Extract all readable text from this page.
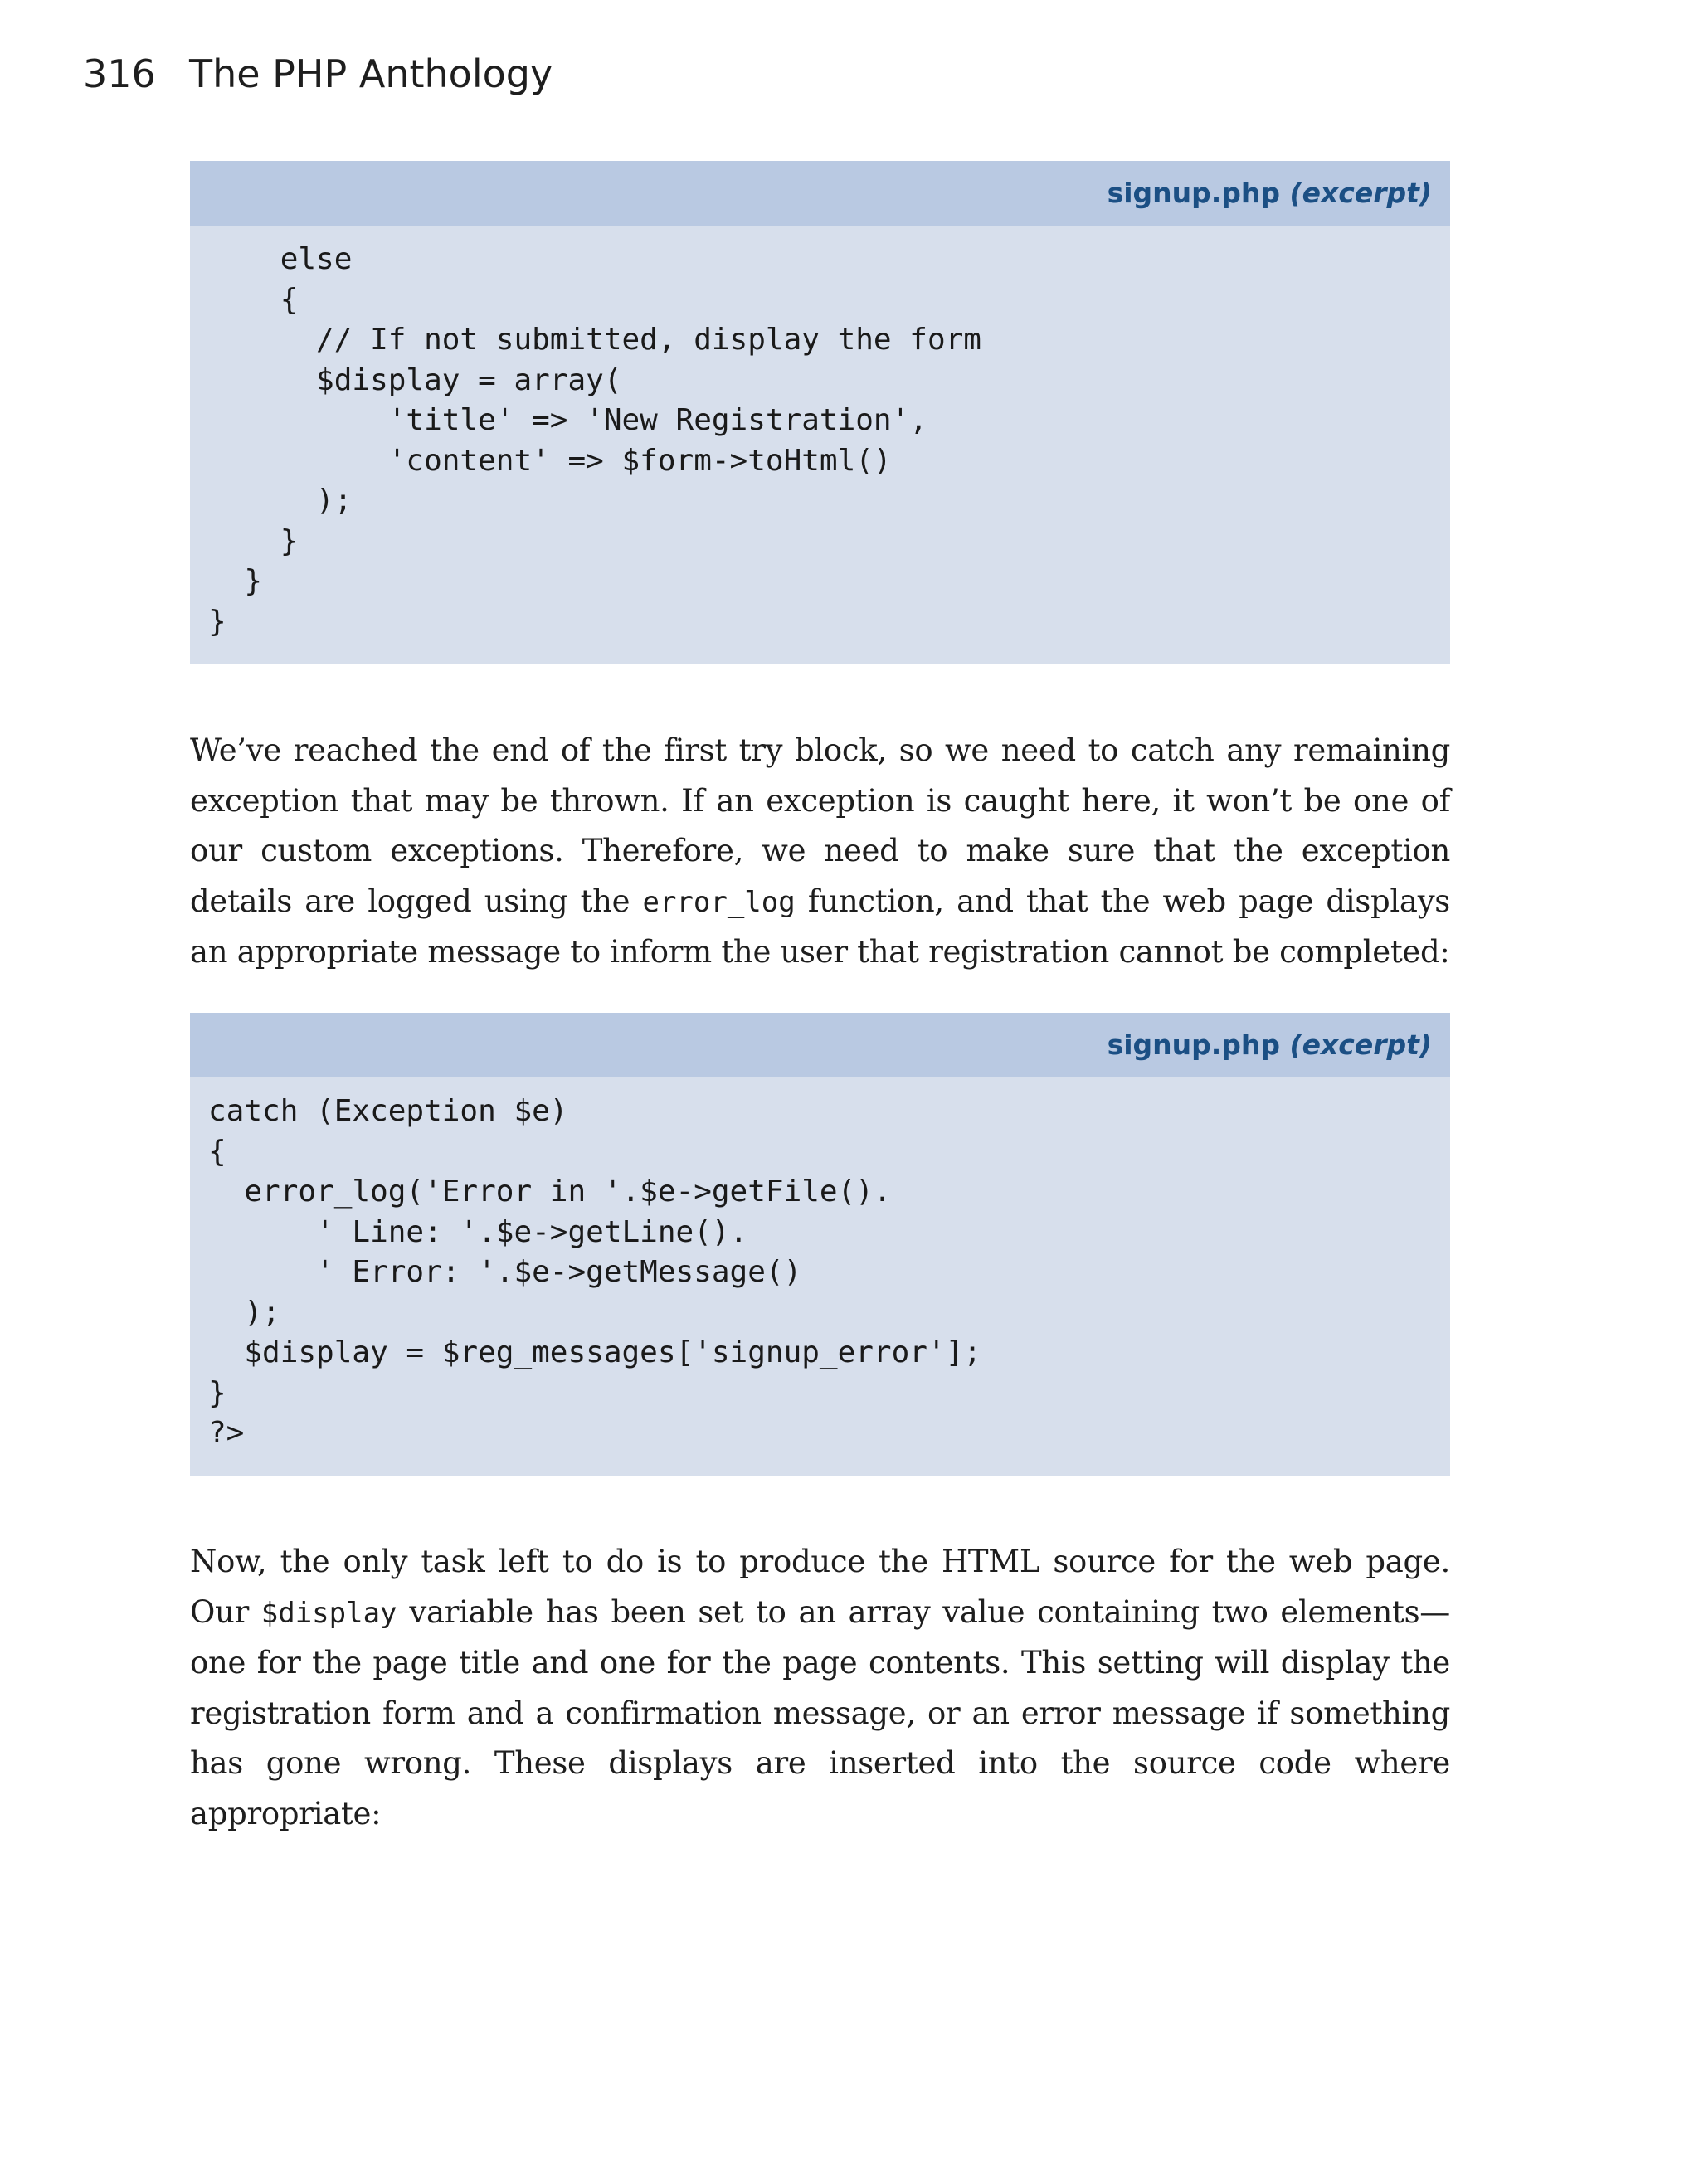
316 The PHP Anthology
signup.php (excerpt)
else
{
// If not submitted, display the form
$display = array(
'title' => 'New Registration',
'content' => $form->toHtml()
);
}
}
}

We’ve reached the end of the first try block, so we need to catch any remaining exception that may be thrown. If an exception is caught here, it won’t be one of our custom exceptions. Therefore, we need to make sure that the exception details are logged using the error_log function, and that the web page displays an appropriate message to inform the user that registration cannot be completed:

signup.php (excerpt)
catch (Exception $e)
{
error_log('Error in '.$e->getFile().
' Line: '.$e->getLine().
' Error: '.$e->getMessage()
);
$display = $reg_messages['signup_error'];
}
?>

Now, the only task left to do is to produce the HTML source for the web page. Our $display variable has been set to an array value containing two elements—one for the page title and one for the page contents. This setting will display the registration form and a confirmation message, or an error message if something has gone wrong. These displays are inserted into the source code where appropriate:
